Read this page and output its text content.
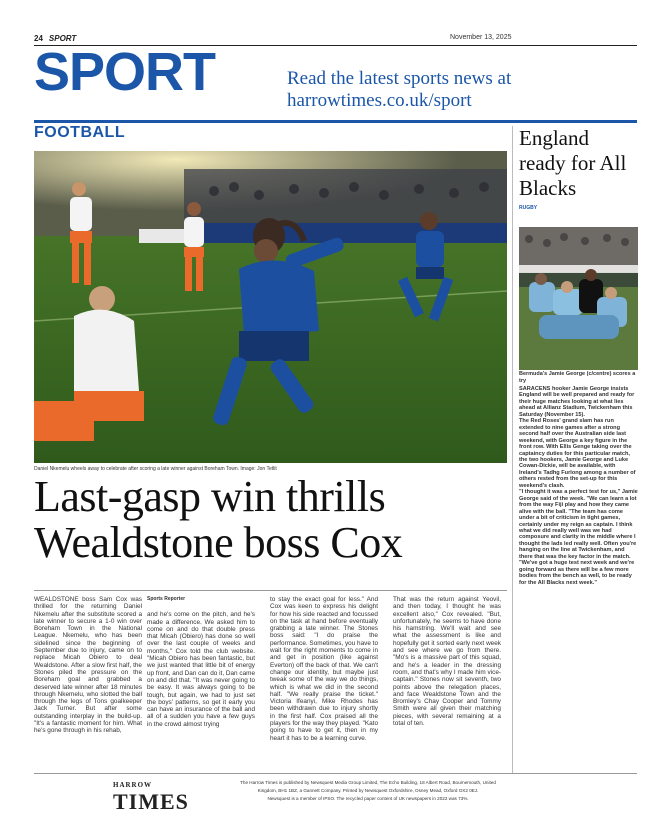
24 SPORT	November 13, 2025
SPORT	Read the latest sports news at
harrowtimes.co.uk/sport
FOOTBALL
Daniel Nkemelu wheels away to celebrate after scoring a late winner against Boreham Town. Image: Jon Tetlit
Last-gasp win thrills Wealdstone boss Cox

WEALDSTONE boss Sam Cox was thrilled for the returning Daniel Nkemelu after the substitute scored a late winner to secure a 1-0 win over Boreham Town in the National League. Nkemelu, who has been sidelined since the beginning of September due to injury, came on to replace Micah Obiero to deal Wealdstone. After a slow first half, the Stones piled the pressure on the Boreham goal and grabbed a deserved late winner after 18 minutes through Nkemelu, who slotted the ball through the legs of Tons goalkeeper Jack Turner. But after some outstanding interplay in the build-up. "It's a fantastic moment for him. What he's gone through in his rehab,

Sports Reporter

and he's come on the pitch, and he's made a difference. We asked him to come on and do that double press that Micah (Obiero) has done so well over the last couple of weeks and months," Cox told the club website. "Micah Obiero has been fantastic, but we just wanted that little bit of energy up front, and Dan can do it, Dan came on and did that. "It was never going to be easy. It was always going to be tough, but again, we had to just set the boys' patterns, so get it early you can have an insurance of the ball and all of a sudden you have a few guys in the crowd almost trying

to stay the exact goal for less." And Cox was keen to express his delight for how his side reacted and focussed on the task at hand before eventually grabbing a late winner. The Stones boss said: "I do praise the performance. Sometimes, you have to wait for the right moments to come in and get in position (like against Everton) off the back of that. We can't change our identity, but maybe just tweak some of the way we do things, which is what we did in the second half. "We really praise the ticket." Victoria Ifeanyi, Mike Rhodes has been withdrawn due to injury shortly in the first half. Cox praised all the players for the way they played. "Kato going to have to get it, then in my heart it has to be a learning curve.

That was the return against Yeovil, and then today, I thought he was excellent also," Cox revealed. "But, unfortunately, he seems to have done his hamstring. We'll wait and see what the assessment is like and hopefully get it sorted early next week and see where we go from there. "Mo's is a massive part of this squad, and he's a leader in the dressing room, and that's why I made him vice-captain." Stones now sit seventh, two points above the relegation places, and face Wealdstone Town and the Bromley's Chay Cooper and Tommy Smith were all given their matching pieces, with several remaining at a total of ten.

England ready for All Blacks
RUGBY
Bermuda's Jamie George (c/centre) scores a try

SARACENS hooker Jamie George insists England will be well prepared and ready for their huge matches looking at what lies ahead at Allianz Stadium, Twickenham this Saturday (November 15).

The Red Roses' grand slam has run extended to nine games after a strong second half over the Australian side last weekend, with George a key figure in the front row. With Ellis Genge taking over the captaincy duties for this particular match, the two hookers, Jamie George and Luke Cowan-Dickie, will be available, with Ireland's Tadhg Furlong among a number of others rested from the set-up for this weekend's clash.

"I thought it was a perfect test for us," Jamie George said of the week. "We can learn a lot from the way Fiji play and how they came alive with the ball. "The team has come under a bit of criticism in tight games, certainly under my reign as captain. I think what we did really well was we had composure and clarity in the middle where I thought the lads led really well. Often you're hanging on the line at Twickenham, and there that was the key factor in the match. "We've got a huge test next week and we're going forward as there will be a few more bodies from the bench as well, to be ready for the All Blacks next week."

HARROW
TIMES
The Harrow Times is published by Newsquest Media Group Limited, The Echo Building, 18 Albert Road, Bournemouth, United
Kingdom, BH1 1BZ, a Gannett Company. Printed by Newsquest Oxfordshire, Osney Mead, Oxford OX2 0EJ.
Newsquest is a member of IPSO. The recycled paper content of UK newspapers in 2022 was 73%.
